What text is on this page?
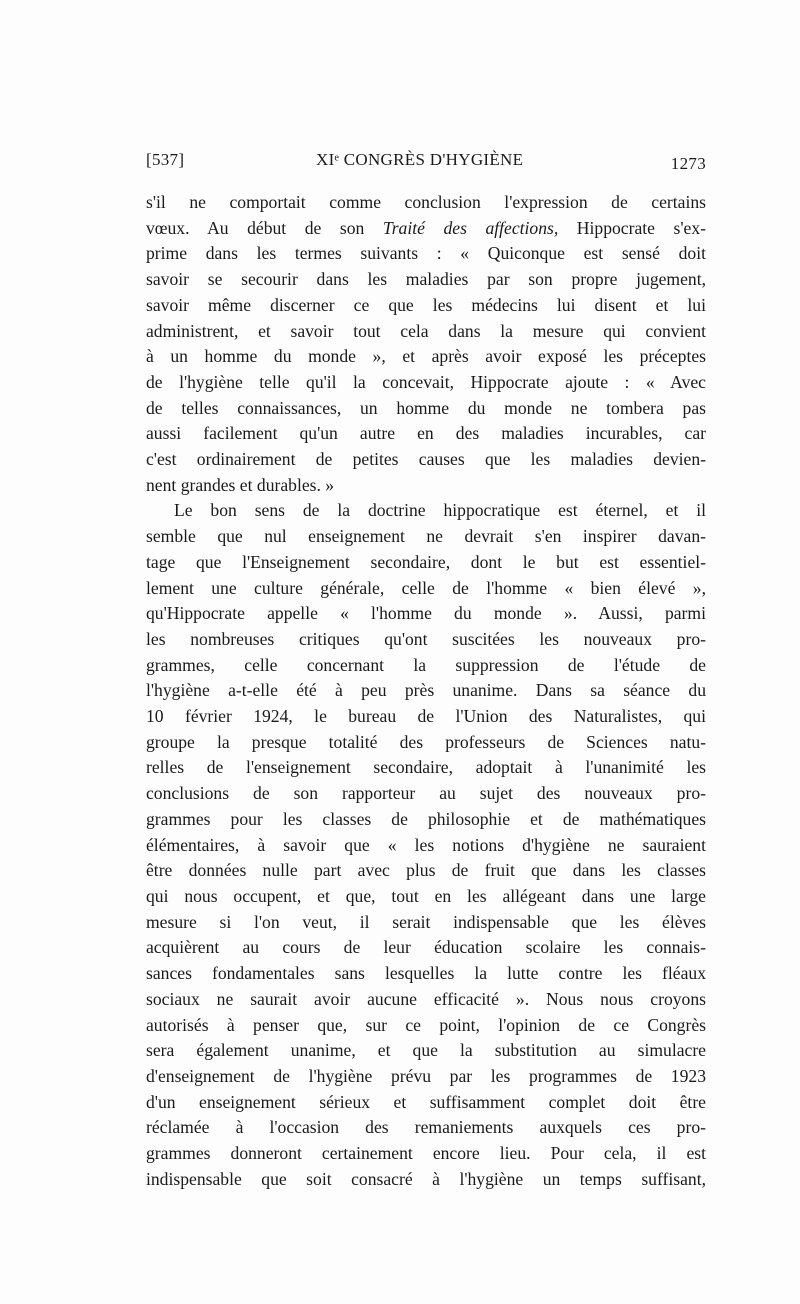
[537]	XIᵉ CONGRÈS D'HYGIÈNE	1273
s'il ne comportait comme conclusion l'expression de certains
vœux. Au début de son Traité des affections, Hippocrate s'ex-
prime dans les termes suivants : « Quiconque est sensé doit
savoir se secourir dans les maladies par son propre jugement,
savoir même discerner ce que les médecins lui disent et lui
administrent, et savoir tout cela dans la mesure qui convient
à un homme du monde », et après avoir exposé les préceptes
de l'hygiène telle qu'il la concevait, Hippocrate ajoute : « Avec
de telles connaissances, un homme du monde ne tombera pas
aussi facilement qu'un autre en des maladies incurables, car
c'est ordinairement de petites causes que les maladies devien-
nent grandes et durables. »
Le bon sens de la doctrine hippocratique est éternel, et il
semble que nul enseignement ne devrait s'en inspirer davan-
tage que l'Enseignement secondaire, dont le but est essentiel-
lement une culture générale, celle de l'homme « bien élevé »,
qu'Hippocrate appelle « l'homme du monde ». Aussi, parmi
les nombreuses critiques qu'ont suscitées les nouveaux pro-
grammes, celle concernant la suppression de l'étude de
l'hygiène a-t-elle été à peu près unanime. Dans sa séance du
10 février 1924, le bureau de l'Union des Naturalistes, qui
groupe la presque totalité des professeurs de Sciences natu-
relles de l'enseignement secondaire, adoptait à l'unanimité les
conclusions de son rapporteur au sujet des nouveaux pro-
grammes pour les classes de philosophie et de mathématiques
élémentaires, à savoir que « les notions d'hygiène ne sauraient
être données nulle part avec plus de fruit que dans les classes
qui nous occupent, et que, tout en les allégeant dans une large
mesure si l'on veut, il serait indispensable que les élèves
acquièrent au cours de leur éducation scolaire les connais-
sances fondamentales sans lesquelles la lutte contre les fléaux
sociaux ne saurait avoir aucune efficacité ». Nous nous croyons
autorisés à penser que, sur ce point, l'opinion de ce Congrès
sera également unanime, et que la substitution au simulacre
d'enseignement de l'hygiène prévu par les programmes de 1923
d'un enseignement sérieux et suffisamment complet doit être
réclamée à l'occasion des remaniements auxquels ces pro-
grammes donneront certainement encore lieu. Pour cela, il est
indispensable que soit consacré à l'hygiène un temps suffisant,
